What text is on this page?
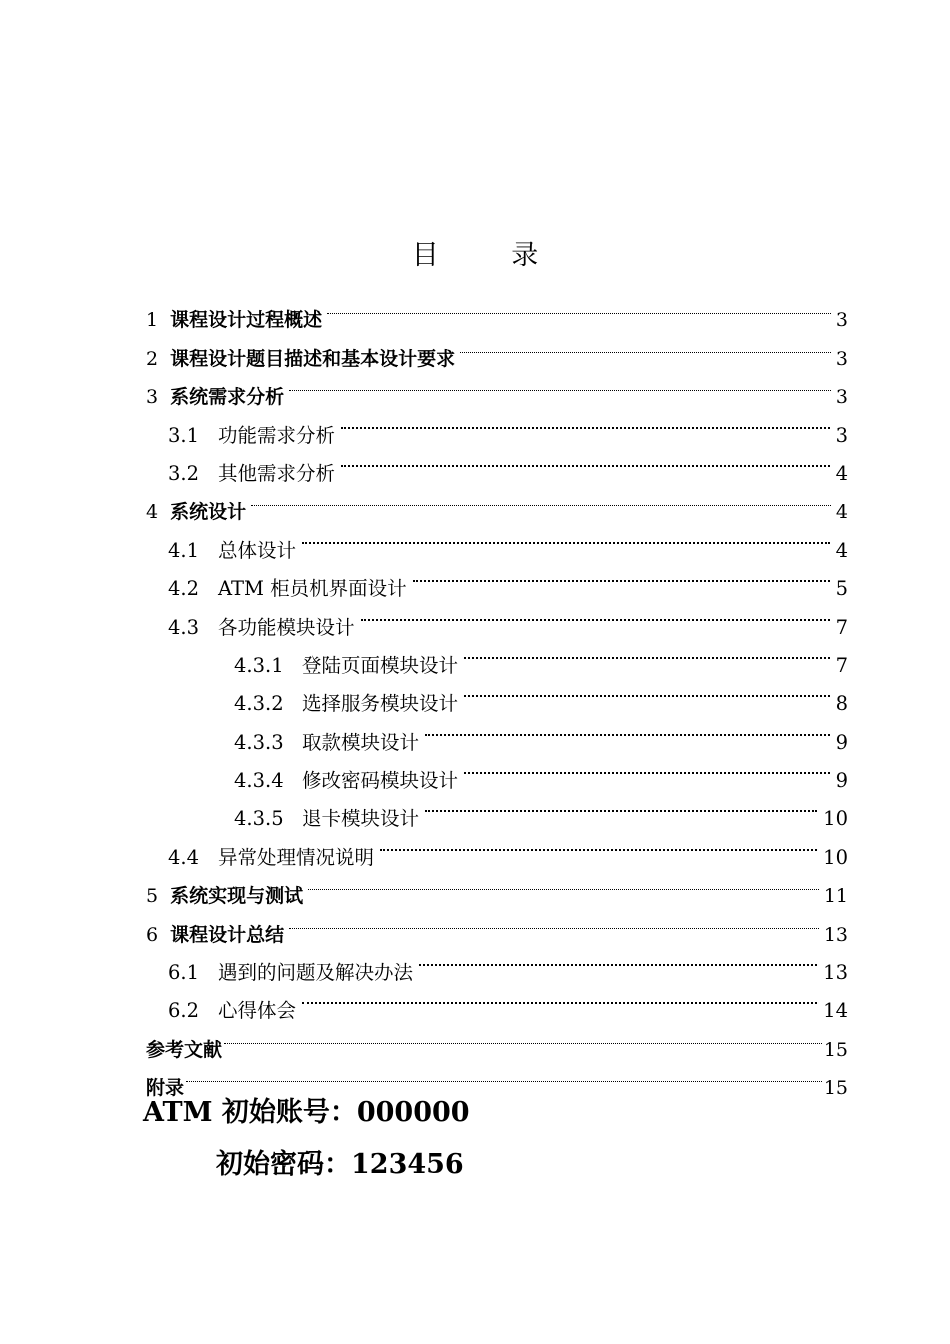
目 录
1 课程设计过程概述	3
2 课程设计题目描述和基本设计要求	3
3 系统需求分析	3
3.1 功能需求分析	3
3.2 其他需求分析	4
4 系统设计	4
4.1 总体设计	4
4.2 ATM 柜员机界面设计	5
4.3 各功能模块设计	7
4.3.1 登陆页面模块设计	7
4.3.2 选择服务模块设计	8
4.3.3 取款模块设计	9
4.3.4 修改密码模块设计	9
4.3.5 退卡模块设计	10
4.4 异常处理情况说明	10
5 系统实现与测试	11
6 课程设计总结	13
6.1 遇到的问题及解决办法	13
6.2 心得体会	14
参考文献	15
附录	15
ATM 初始账号：000000
初始密码：123456
